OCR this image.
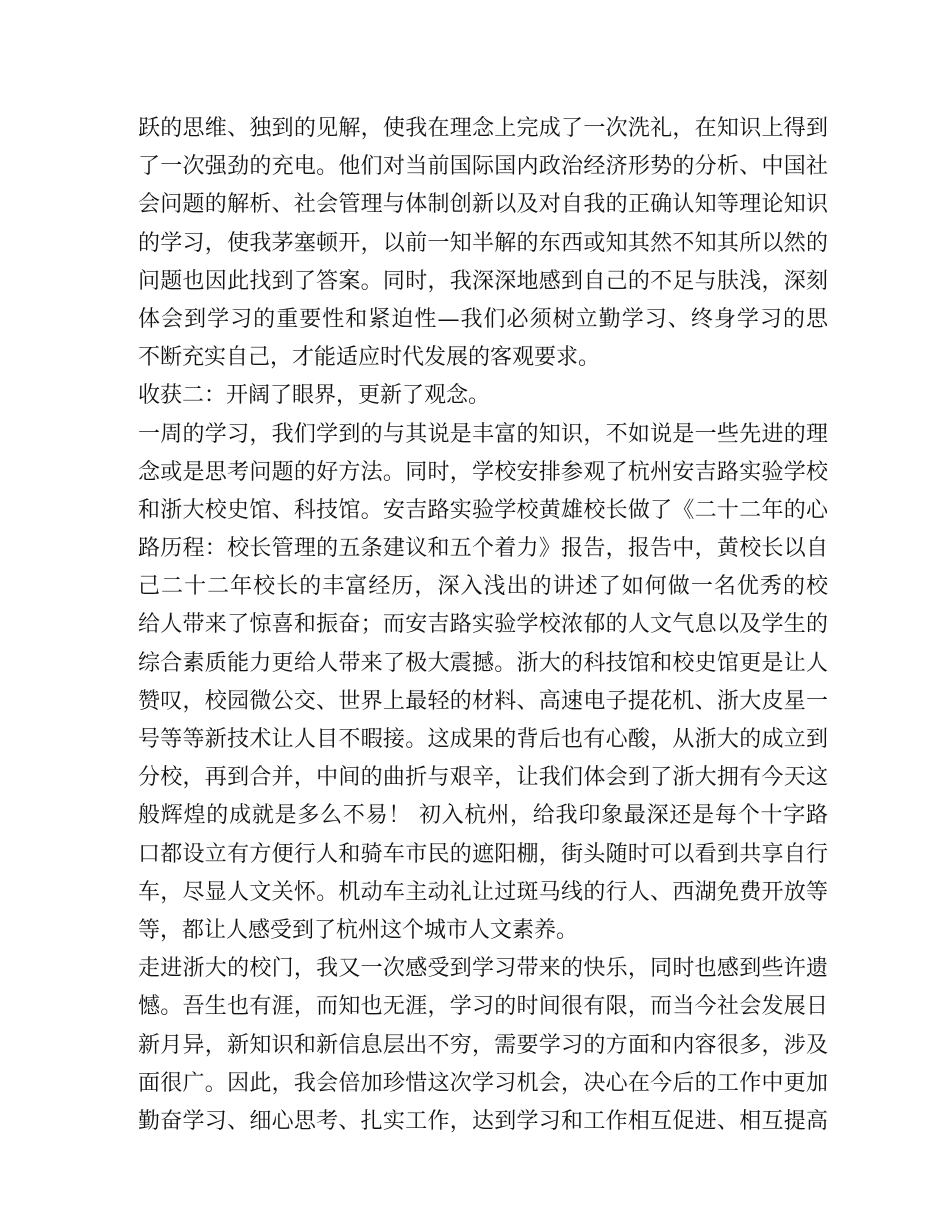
跃的思维、独到的见解，使我在理念上完成了一次洗礼，在知识上得到
了一次强劲的充电。他们对当前国际国内政治经济形势的分析、中国社
会问题的解析、社会管理与体制创新以及对自我的正确认知等理论知识
的学习，使我茅塞顿开，以前一知半解的东西或知其然不知其所以然的
问题也因此找到了答案。同时，我深深地感到自己的不足与肤浅，深刻
体会到学习的重要性和紧迫性—我们必须树立勤学习、终身学习的思
不断充实自己，才能适应时代发展的客观要求。
收获二：开阔了眼界，更新了观念。
一周的学习，我们学到的与其说是丰富的知识，不如说是一些先进的理
念或是思考问题的好方法。同时，学校安排参观了杭州安吉路实验学校
和浙大校史馆、科技馆。安吉路实验学校黄雄校长做了《二十二年的心
路历程：校长管理的五条建议和五个着力》报告，报告中，黄校长以自
己二十二年校长的丰富经历，深入浅出的讲述了如何做一名优秀的校
给人带来了惊喜和振奋；而安吉路实验学校浓郁的人文气息以及学生的
综合素质能力更给人带来了极大震撼。浙大的科技馆和校史馆更是让人
赞叹，校园微公交、世界上最轻的材料、高速电子提花机、浙大皮星一
号等等新技术让人目不暇接。这成果的背后也有心酸，从浙大的成立到
分校，再到合并，中间的曲折与艰辛，让我们体会到了浙大拥有今天这
般辉煌的成就是多么不易！ 初入杭州，给我印象最深还是每个十字路
口都设立有方便行人和骑车市民的遮阳棚，街头随时可以看到共享自行
车，尽显人文关怀。机动车主动礼让过斑马线的行人、西湖免费开放等
等，都让人感受到了杭州这个城市人文素养。
走进浙大的校门，我又一次感受到学习带来的快乐，同时也感到些许遗
憾。吾生也有涯，而知也无涯，学习的时间很有限，而当今社会发展日
新月异，新知识和新信息层出不穷，需要学习的方面和内容很多，涉及
面很广。因此，我会倍加珍惜这次学习机会，决心在今后的工作中更加
勤奋学习、细心思考、扎实工作，达到学习和工作相互促进、相互提高
